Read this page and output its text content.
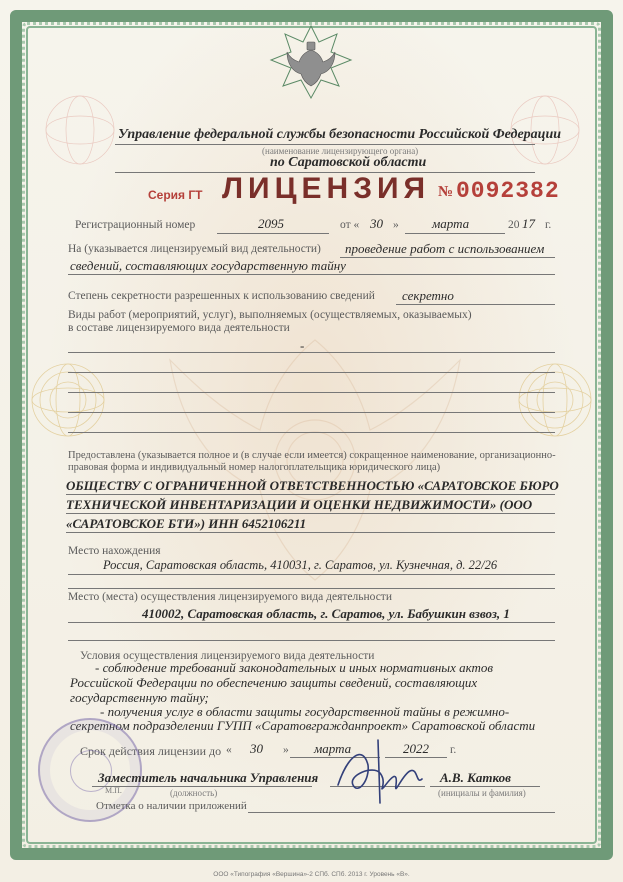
Управление федеральной службы безопасности Российской Федерации
(наименование лицензирующего органа)
по Саратовской области
Серия ГТ ЛИЦЕНЗИЯ № 0092382
Регистрационный номер	2095	от « 30 »	марта	20 17 г.
На (указывается лицензируемый вид деятельности) проведение работ с использованием
сведений, составляющих государственную тайну
Степень секретности разрешенных к использованию сведений секретно
Виды работ (мероприятий, услуг), выполняемых (осуществляемых, оказываемых)
в составе лицензируемого вида деятельности
-
Предоставлена (указывается полное и (в случае если имеется) сокращенное наименование, организационно-
правовая форма и индивидуальный номер налогоплательщика юридического лица)
ОБЩЕСТВУ С ОГРАНИЧЕННОЙ ОТВЕТСТВЕННОСТЬЮ «САРАТОВСКОЕ БЮРО
ТЕХНИЧЕСКОЙ ИНВЕНТАРИЗАЦИИ И ОЦЕНКИ НЕДВИЖИМОСТИ» (ООО
«САРАТОВСКОЕ БТИ») ИНН 6452106211
Место нахождения
Россия, Саратовская область, 410031, г. Саратов, ул. Кузнечная, д. 22/26
Место (места) осуществления лицензируемого вида деятельности
410002, Саратовская область, г. Саратов, ул. Бабушкин взвоз, 1
Условия осуществления лицензируемого вида деятельности
- соблюдение требований законодательных и иных нормативных актов
Российской Федерации по обеспечению защиты сведений, составляющих
государственную тайну;
- получения услуг в области защиты государственной тайны в режимно-
секретном подразделении ГУПП «Саратовгражданпроект» Саратовской области
Срок действия лицензии до « 30 » марта	2022 г.
Заместитель начальника Управления
(должность)
М.П.
А.В. Катков
(инициалы и фамилия)
Отметка о наличии приложений
ООО «Типография «Вершина»-2 СПб. СПб. 2013 г. Уровень «В».
